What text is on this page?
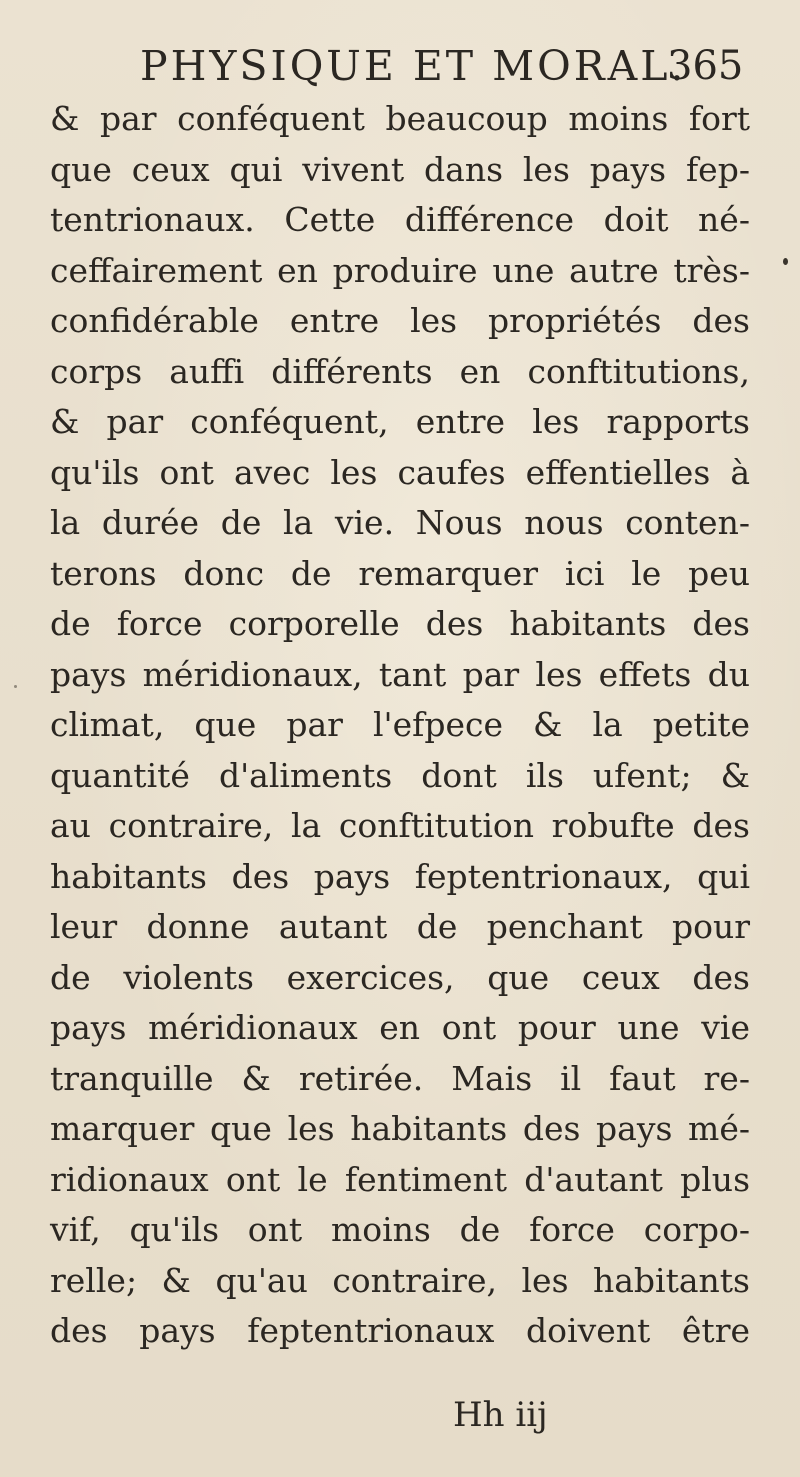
PHYSIQUE ET MORAL.
365
& par conféquent beaucoup moins fort
que ceux qui vivent dans les pays fep-
tentrionaux. Cette différence doit né-
ceffairement en produire une autre très-
confidérable entre les propriétés des
corps auffi différents en conftitutions,
& par conféquent, entre les rapports
qu'ils ont avec les caufes effentielles à
la durée de la vie. Nous nous conten-
terons donc de remarquer ici le peu
de force corporelle des habitants des
pays méridionaux, tant par les effets du
climat, que par l'efpece & la petite
quantité d'aliments dont ils ufent; &
au contraire, la conftitution robufte des
habitants des pays feptentrionaux, qui
leur donne autant de penchant pour
de violents exercices, que ceux des
pays méridionaux en ont pour une vie
tranquille & retirée. Mais il faut re-
marquer que les habitants des pays mé-
ridionaux ont le fentiment d'autant plus
vif, qu'ils ont moins de force corpo-
relle; & qu'au contraire, les habitants
des pays feptentrionaux doivent être
Hh iij
